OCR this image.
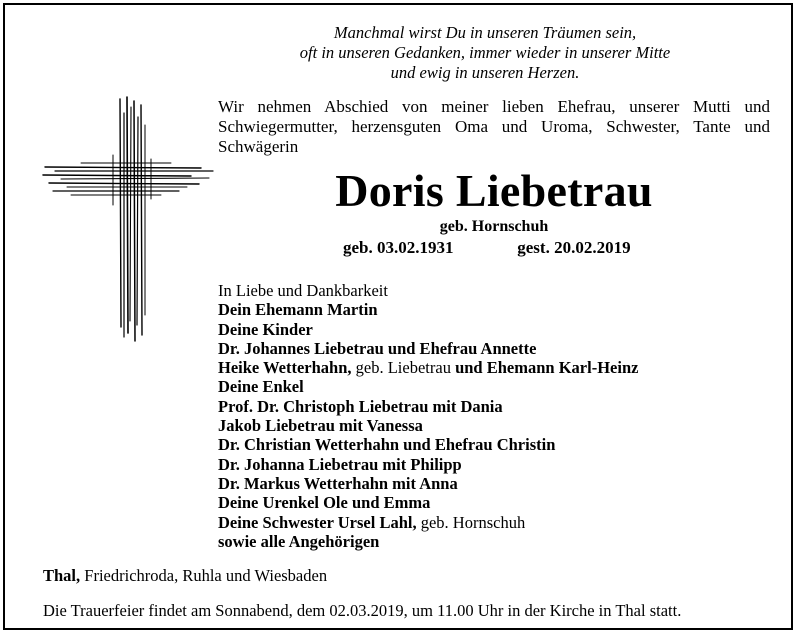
Manchmal wirst Du in unseren Träumen sein,
oft in unseren Gedanken, immer wieder in unserer Mitte
und ewig in unseren Herzen.
Wir nehmen Abschied von meiner lieben Ehefrau, unserer Mutti und Schwiegermutter, herzensguten Oma und Uroma, Schwester, Tante und Schwägerin
Doris Liebetrau
geb. Hornschuh
geb. 03.02.1931	gest. 20.02.2019
In Liebe und Dankbarkeit
Dein Ehemann Martin
Deine Kinder
Dr. Johannes Liebetrau und Ehefrau Annette
Heike Wetterhahn, geb. Liebetrau und Ehemann Karl-Heinz
Deine Enkel
Prof. Dr. Christoph Liebetrau mit Dania
Jakob Liebetrau mit Vanessa
Dr. Christian Wetterhahn und Ehefrau Christin
Dr. Johanna Liebetrau mit Philipp
Dr. Markus Wetterhahn mit Anna
Deine Urenkel Ole und Emma
Deine Schwester Ursel Lahl, geb. Hornschuh
sowie alle Angehörigen
Thal, Friedrichroda, Ruhla und Wiesbaden
Die Trauerfeier findet am Sonnabend, dem 02.03.2019, um 11.00 Uhr in der Kirche in Thal statt.
